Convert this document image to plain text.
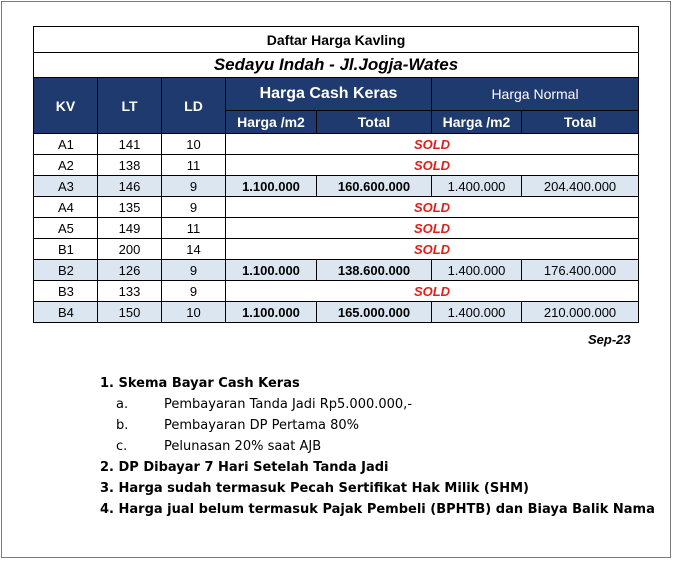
Daftar Harga Kavling						
Sedayu Indah - Jl.Jogja-Wates						
KV	LT	LD	Harga Cash Keras		Harga Normal	
			Harga /m2	Total	Harga /m2	Total
A1	141	10	SOLD			
A2	138	11	SOLD			
A3	146	9	1.100.000	160.600.000	1.400.000	204.400.000
A4	135	9	SOLD			
A5	149	11	SOLD			
B1	200	14	SOLD			
B2	126	9	1.100.000	138.600.000	1.400.000	176.400.000
B3	133	9	SOLD			
B4	150	10	1.100.000	165.000.000	1.400.000	210.000.000
Sep-23
1. Skema Bayar Cash Keras
a.	Pembayaran Tanda Jadi Rp5.000.000,-
b.	Pembayaran DP Pertama 80%
c.	Pelunasan 20% saat AJB
2. DP Dibayar 7 Hari Setelah Tanda Jadi
3. Harga sudah termasuk Pecah Sertifikat Hak Milik (SHM)
4. Harga jual belum termasuk Pajak Pembeli (BPHTB) dan Biaya Balik Nama
